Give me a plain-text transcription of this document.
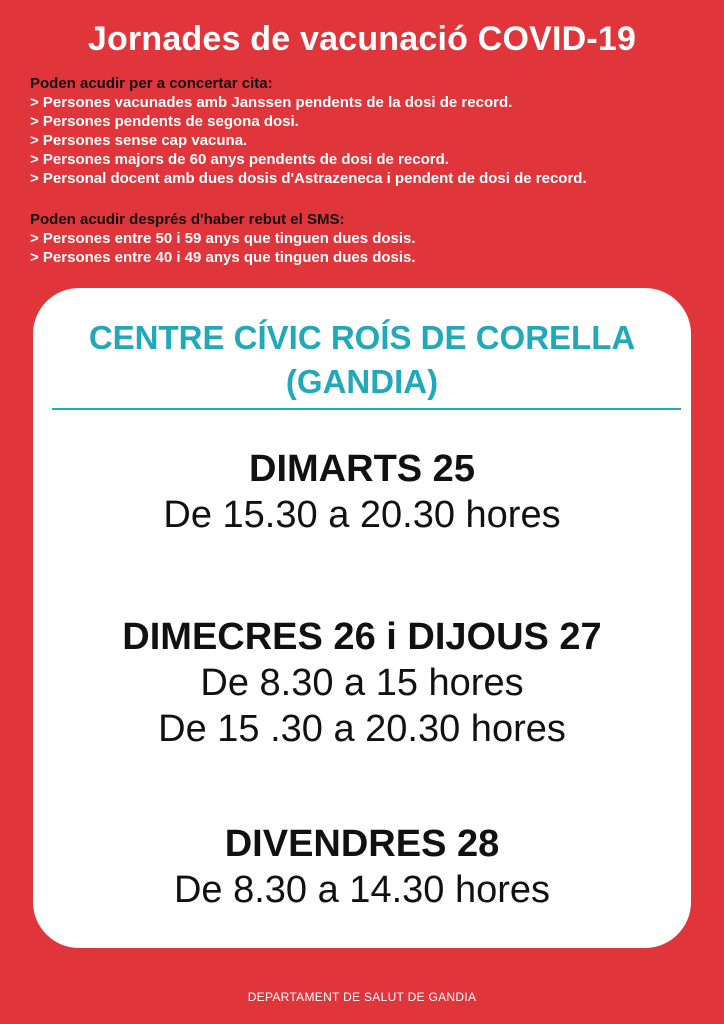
Jornades de vacunació COVID-19
Poden acudir per a concertar cita:
> Persones vacunades amb Janssen pendents de la dosi de record.
> Persones pendents de segona dosi.
> Persones sense cap vacuna.
> Persones majors de 60 anys pendents de dosi de record.
> Personal docent amb dues dosis d'Astrazeneca i pendent de dosi de record.
Poden acudir després d'haber rebut el SMS:
> Persones entre 50 i 59 anys que tinguen dues dosis.
> Persones entre 40 i 49 anys que tinguen dues dosis.
CENTRE CÍVIC ROÍS DE CORELLA
(GANDIA)
DIMARTS 25
De 15.30 a 20.30 hores
DIMECRES 26 i DIJOUS 27
De 8.30 a 15 hores
De 15 .30 a 20.30 hores
DIVENDRES 28
De 8.30 a 14.30 hores
DEPARTAMENT DE SALUT DE GANDIA
